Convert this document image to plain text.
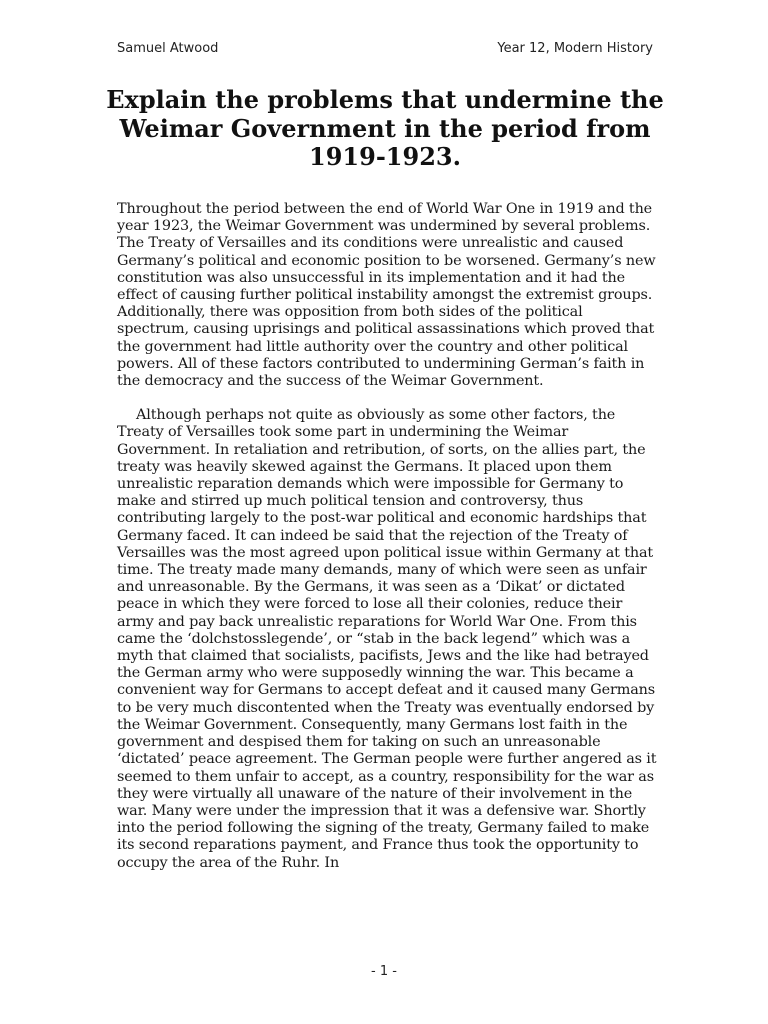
Samuel Atwood	Year 12, Modern History
Explain the problems that undermine the Weimar Government in the period from 1919-1923.

Throughout the period between the end of World War One in 1919 and the year 1923, the Weimar Government was undermined by several problems. The Treaty of Versailles and its conditions were unrealistic and caused Germany’s political and economic position to be worsened. Germany’s new constitution was also unsuccessful in its implementation and it had the effect of causing further political instability amongst the extremist groups. Additionally, there was opposition from both sides of the political spectrum, causing uprisings and political assassinations which proved that the government had little authority over the country and other political powers. All of these factors contributed to undermining German’s faith in the democracy and the success of the Weimar Government.

Although perhaps not quite as obviously as some other factors, the Treaty of Versailles took some part in undermining the Weimar Government. In retaliation and retribution, of sorts, on the allies part, the treaty was heavily skewed against the Germans. It placed upon them unrealistic reparation demands which were impossible for Germany to make and stirred up much political tension and controversy, thus contributing largely to the post-war political and economic hardships that Germany faced. It can indeed be said that the rejection of the Treaty of Versailles was the most agreed upon political issue within Germany at that time. The treaty made many demands, many of which were seen as unfair and unreasonable. By the Germans, it was seen as a ‘Dikat’ or dictated peace in which they were forced to lose all their colonies, reduce their army and pay back unrealistic reparations for World War One. From this came the ‘dolchstosslegende’, or “stab in the back legend” which was a myth that claimed that socialists, pacifists, Jews and the like had betrayed the German army who were supposedly winning the war. This became a convenient way for Germans to accept defeat and it caused many Germans to be very much discontented when the Treaty was eventually endorsed by the Weimar Government. Consequently, many Germans lost faith in the government and despised them for taking on such an unreasonable ‘dictated’ peace agreement. The German people were further angered as it seemed to them unfair to accept, as a country, responsibility for the war as they were virtually all unaware of the nature of their involvement in the war. Many were under the impression that it was a defensive war. Shortly into the period following the signing of the treaty, Germany failed to make its second reparations payment, and France thus took the opportunity to occupy the area of the Ruhr. In

- 1 -
